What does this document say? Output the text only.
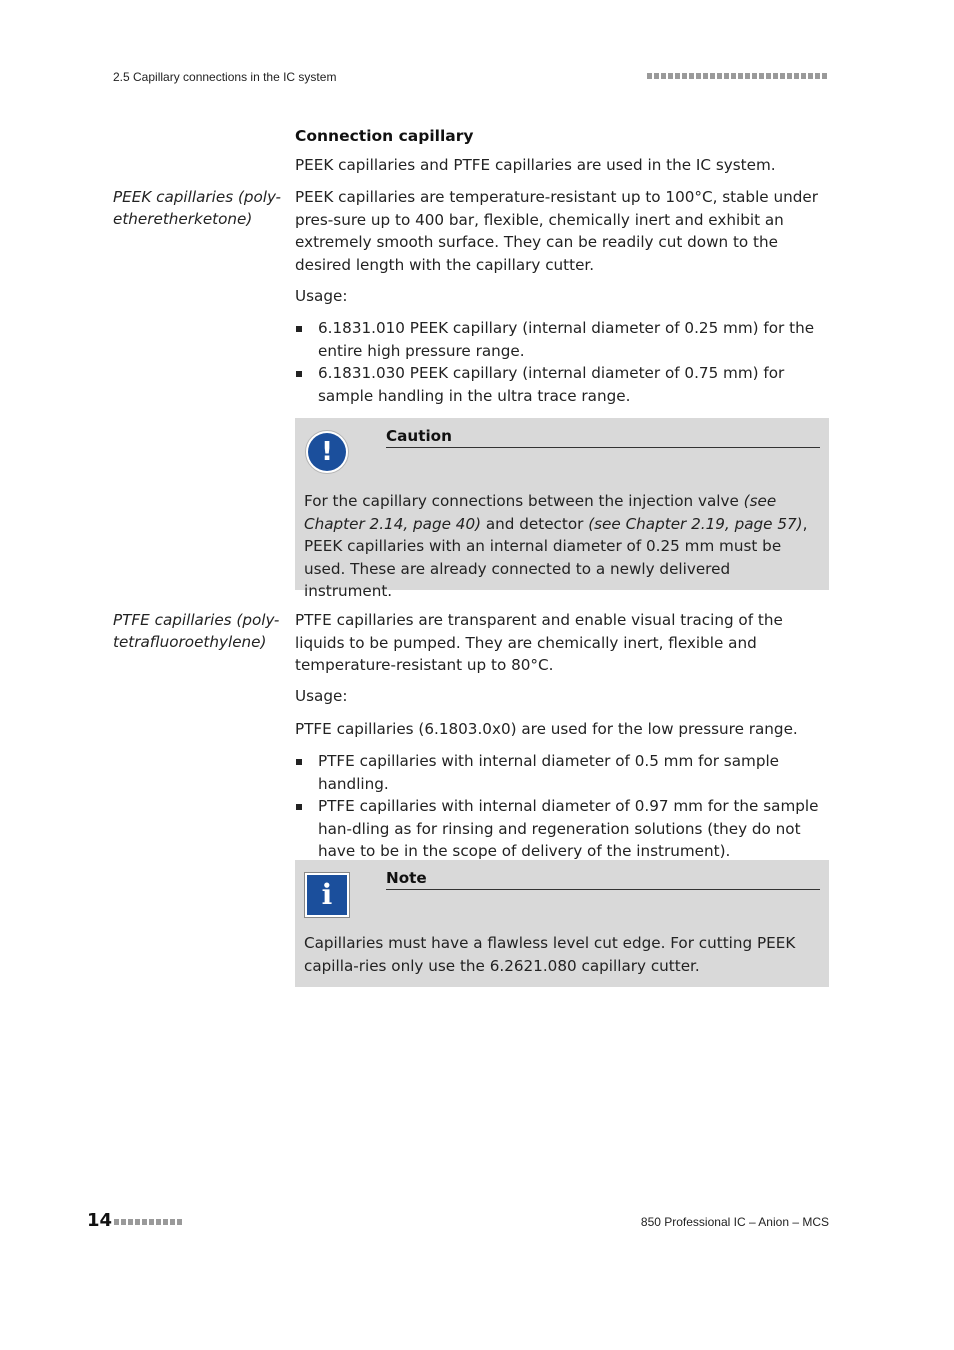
2.5 Capillary connections in the IC system
Connection capillary

PEEK capillaries and PTFE capillaries are used in the IC system.

PEEK capillaries (poly-
etheretherketone)

PEEK capillaries are temperature-resistant up to 100°C, stable under pres-sure up to 400 bar, flexible, chemically inert and exhibit an extremely smooth surface. They can be readily cut down to the desired length with the capillary cutter.

Usage:

6.1831.010 PEEK capillary (internal diameter of 0.25 mm) for the entire high pressure range.
6.1831.030 PEEK capillary (internal diameter of 0.75 mm) for sample handling in the ultra trace range.
!
Caution

For the capillary connections between the injection valve (see Chapter 2.14, page 40) and detector (see Chapter 2.19, page 57), PEEK capillaries with an internal diameter of 0.25 mm must be used. These are already connected to a newly delivered instrument.

PTFE capillaries (poly-
tetrafluoroethylene)

PTFE capillaries are transparent and enable visual tracing of the liquids to be pumped. They are chemically inert, flexible and temperature-resistant up to 80°C.

Usage:

PTFE capillaries (6.1803.0x0) are used for the low pressure range.

PTFE capillaries with internal diameter of 0.5 mm for sample handling.
PTFE capillaries with internal diameter of 0.97 mm for the sample han-dling as for rinsing and regeneration solutions (they do not have to be in the scope of delivery of the instrument).
i	Note

Capillaries must have a flawless level cut edge. For cutting PEEK capilla-ries only use the 6.2621.080 capillary cutter.

14	850 Professional IC – Anion – MCS
